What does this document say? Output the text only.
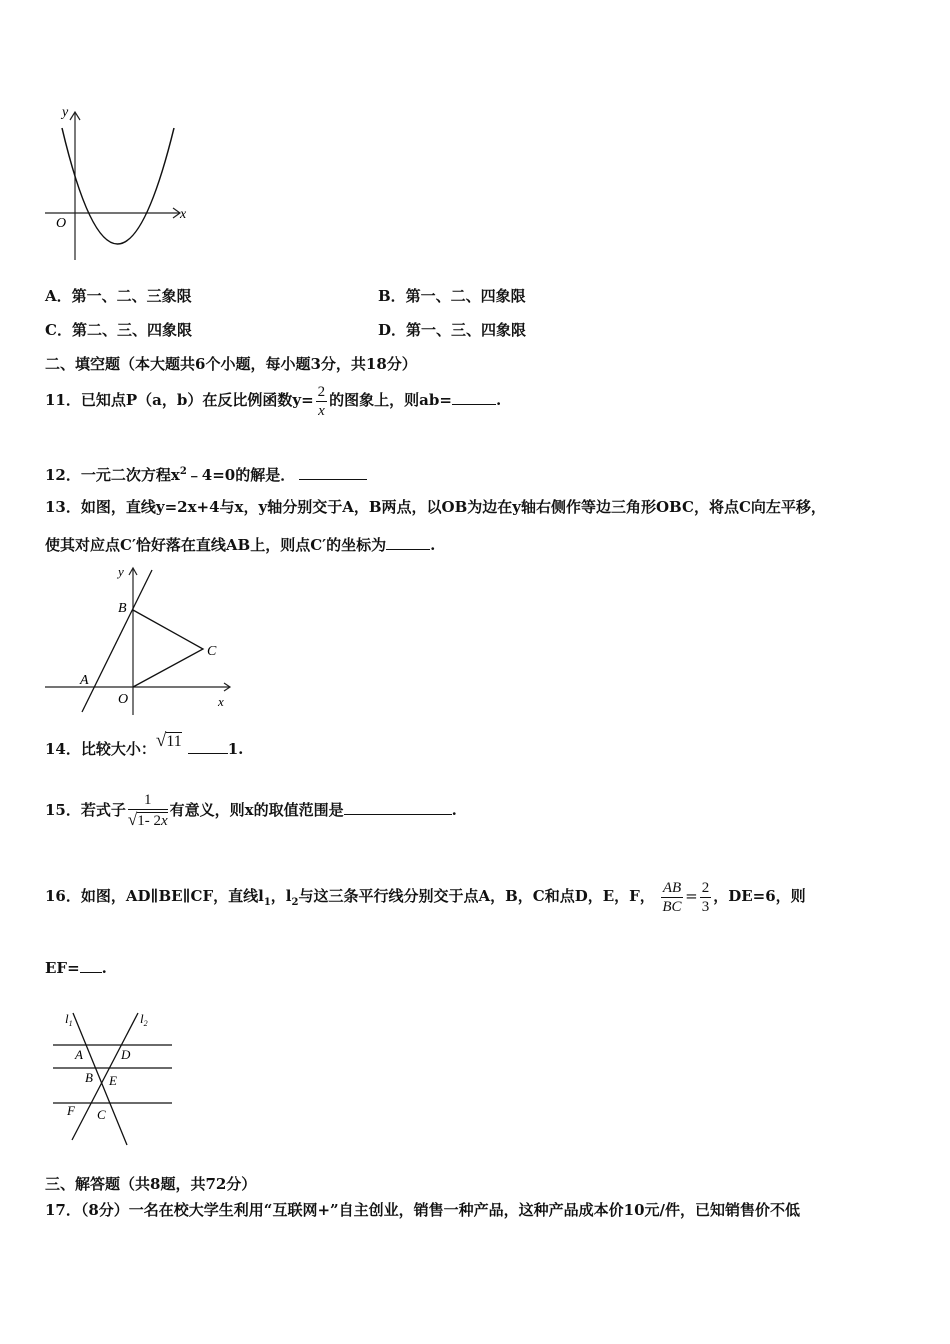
y
x
O
A．第一、二、三象限	B．第一、二、四象限
C．第二、三、四象限	D．第一、三、四象限
二、填空题（本大题共6个小题，每小题3分，共18分）
11．已知点P（a，b）在反比例函数$y= \frac{2}{x}$ 的图象上，则ab=	.
12．一元二次方程$x^2﹣4=0$的解是．
13．如图，直线y=2x+4与x，y轴分别交于A，B两点，以OB为边在y轴右侧作等边三角形OBC，将点C向左平移，
使其对应点C′恰好落在直线AB上，则点C′的坐标为	.
y
x
B
C
A
O
14．比较大小：√11	1.
15．若式子 $\frac{1}{√1- 2x}$ 有意义，则x的取值范围是	.
16．如图，AD∥BE∥CF，直线$l_1$，$l_2$与这三条平行线分别交于点A，B，C和点D，E，F， $\frac{AB}{BC} = \frac{2}{3}$ ，DE=6，则
EF= .
$l_1$	$l_2$
A	D
B E
F C
三、解答题（共8题，共72分）
17．（8分）一名在校大学生利用“互联网+”自主创业，销售一种产品，这种产品成本价10元/件，已知销售价不低
